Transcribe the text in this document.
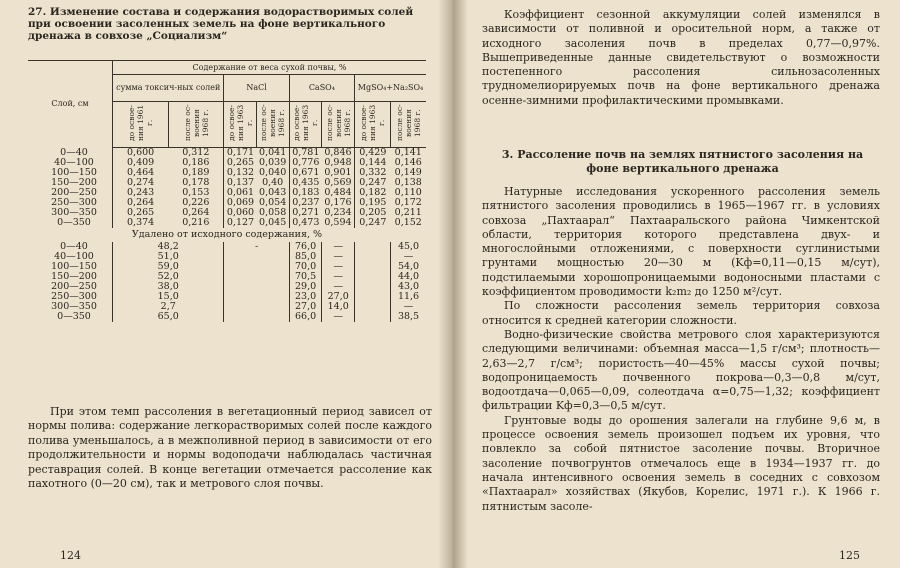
27. Изменение состава и содержания водорастворимых солей при освоении засоленных земель на фоне вертикального дренажа в совхозе „Социализм“
Слой, см	Содержание от веса сухой почвы, %							
	сумма токсич-ных солей		NaCl		CaSO₄		MgSO₄+Na₂SO₄	
	до освое-ния 1961 г.	после ос-воения 1968 г.	до освое-ния 1963 г.	после ос-воения 1968 г.	до освое-ния 1963 г.	после ос-воения 1968 г.	до освое-ния 1963 г.	после ос-воения 1968 г.
0—40	0,600	0,312	0,171	0,041	0,781	0,846	0,429	0,141
40—100	0,409	0,186	0,265	0,039	0,776	0,948	0,144	0,146
100—150	0,464	0,189	0,132	0,040	0,671	0,901	0,332	0,149
150—200	0,274	0,178	0,137	0,40	0,435	0,569	0,247	0,138
200—250	0,243	0,153	0,061	0,043	0,183	0,484	0,182	0,110
250—300	0,264	0,226	0,069	0,054	0,237	0,176	0,195	0,172
300—350	0,265	0,264	0,060	0,058	0,271	0,234	0,205	0,211
0—350	0,374	0,216	0,127	0,045	0,473	0,594	0,247	0,152
Удалено от исходного содержания, %								
0—40	48,2		-		76,0	—		45,0
40—100	51,0				85,0	—		—
100—150	59,0				70,0	—		54,0
150—200	52,0				70,5	—		44,0
200—250	38,0				29,0	—		43,0
250—300	15,0				23,0	27,0		11,6
300—350	2,7				27,0	14,0		—
0—350	65,0				66,0	—		38,5
При этом темп рассоления в вегетационный период зависел от нормы полива: содержание легкорастворимых солей после каждого полива уменьшалось, а в межполивной период в зависимости от его продолжительности и нормы водоподачи наблюдалась частичная реставрация солей. В конце вегетации отмечается рассоление как пахотного (0—20 см), так и метрового слоя почвы.
124

Коэффициент сезонной аккумуляции солей изменялся в зависимости от поливной и оросительной норм, а также от исходного засоления почв в пределах 0,77—0,97%. Вышеприведенные данные свидетельствуют о возможности постепенного рассоления сильнозасоленных трудномелиорируемых почв на фоне вертикального дренажа осенне-зимними профилактическими промывками.

3. Рассоление почв на землях пятнистого засоления на фоне вертикального дренажа

Натурные исследования ускоренного рассоления земель пятнистого засоления проводились в 1965—1967 гг. в условиях совхоза „Пахтаарал“ Пахтааральского района Чимкентской области, территория которого представлена двух- и многослойными отложениями, с поверхности суглинистыми грунтами мощностью 20—30 м (Kф=0,11—0,15 м/сут), подстилаемыми хорошопроницаемыми водоносными пластами с коэффициентом проводимости k₂m₂ до 1250 м²/сут.

По сложности рассоления земель территория совхоза относится к средней категории сложности.

Водно-физические свойства метрового слоя характеризуются следующими величинами: объемная масса—1,5 г/см³; плотность—2,63—2,7 г/см³; пористость—40—45% массы сухой почвы; водопроницаемость почвенного покрова—0,3—0,8 м/сут, водоотдача—0,065—0,09, солеотдача α=0,75—1,32; коэффициент фильтрации Kф=0,3—0,5 м/сут.

Грунтовые воды до орошения залегали на глубине 9,6 м, в процессе освоения земель произошел подъем их уровня, что повлекло за собой пятнистое засоление почвы. Вторичное засоление почвогрунтов отмечалось еще в 1934—1937 гг. до начала интенсивного освоения земель в соседних с совхозом «Пахтаарал» хозяйствах (Якубов, Корелис, 1971 г.). К 1966 г. пятнистым засоле-

125
